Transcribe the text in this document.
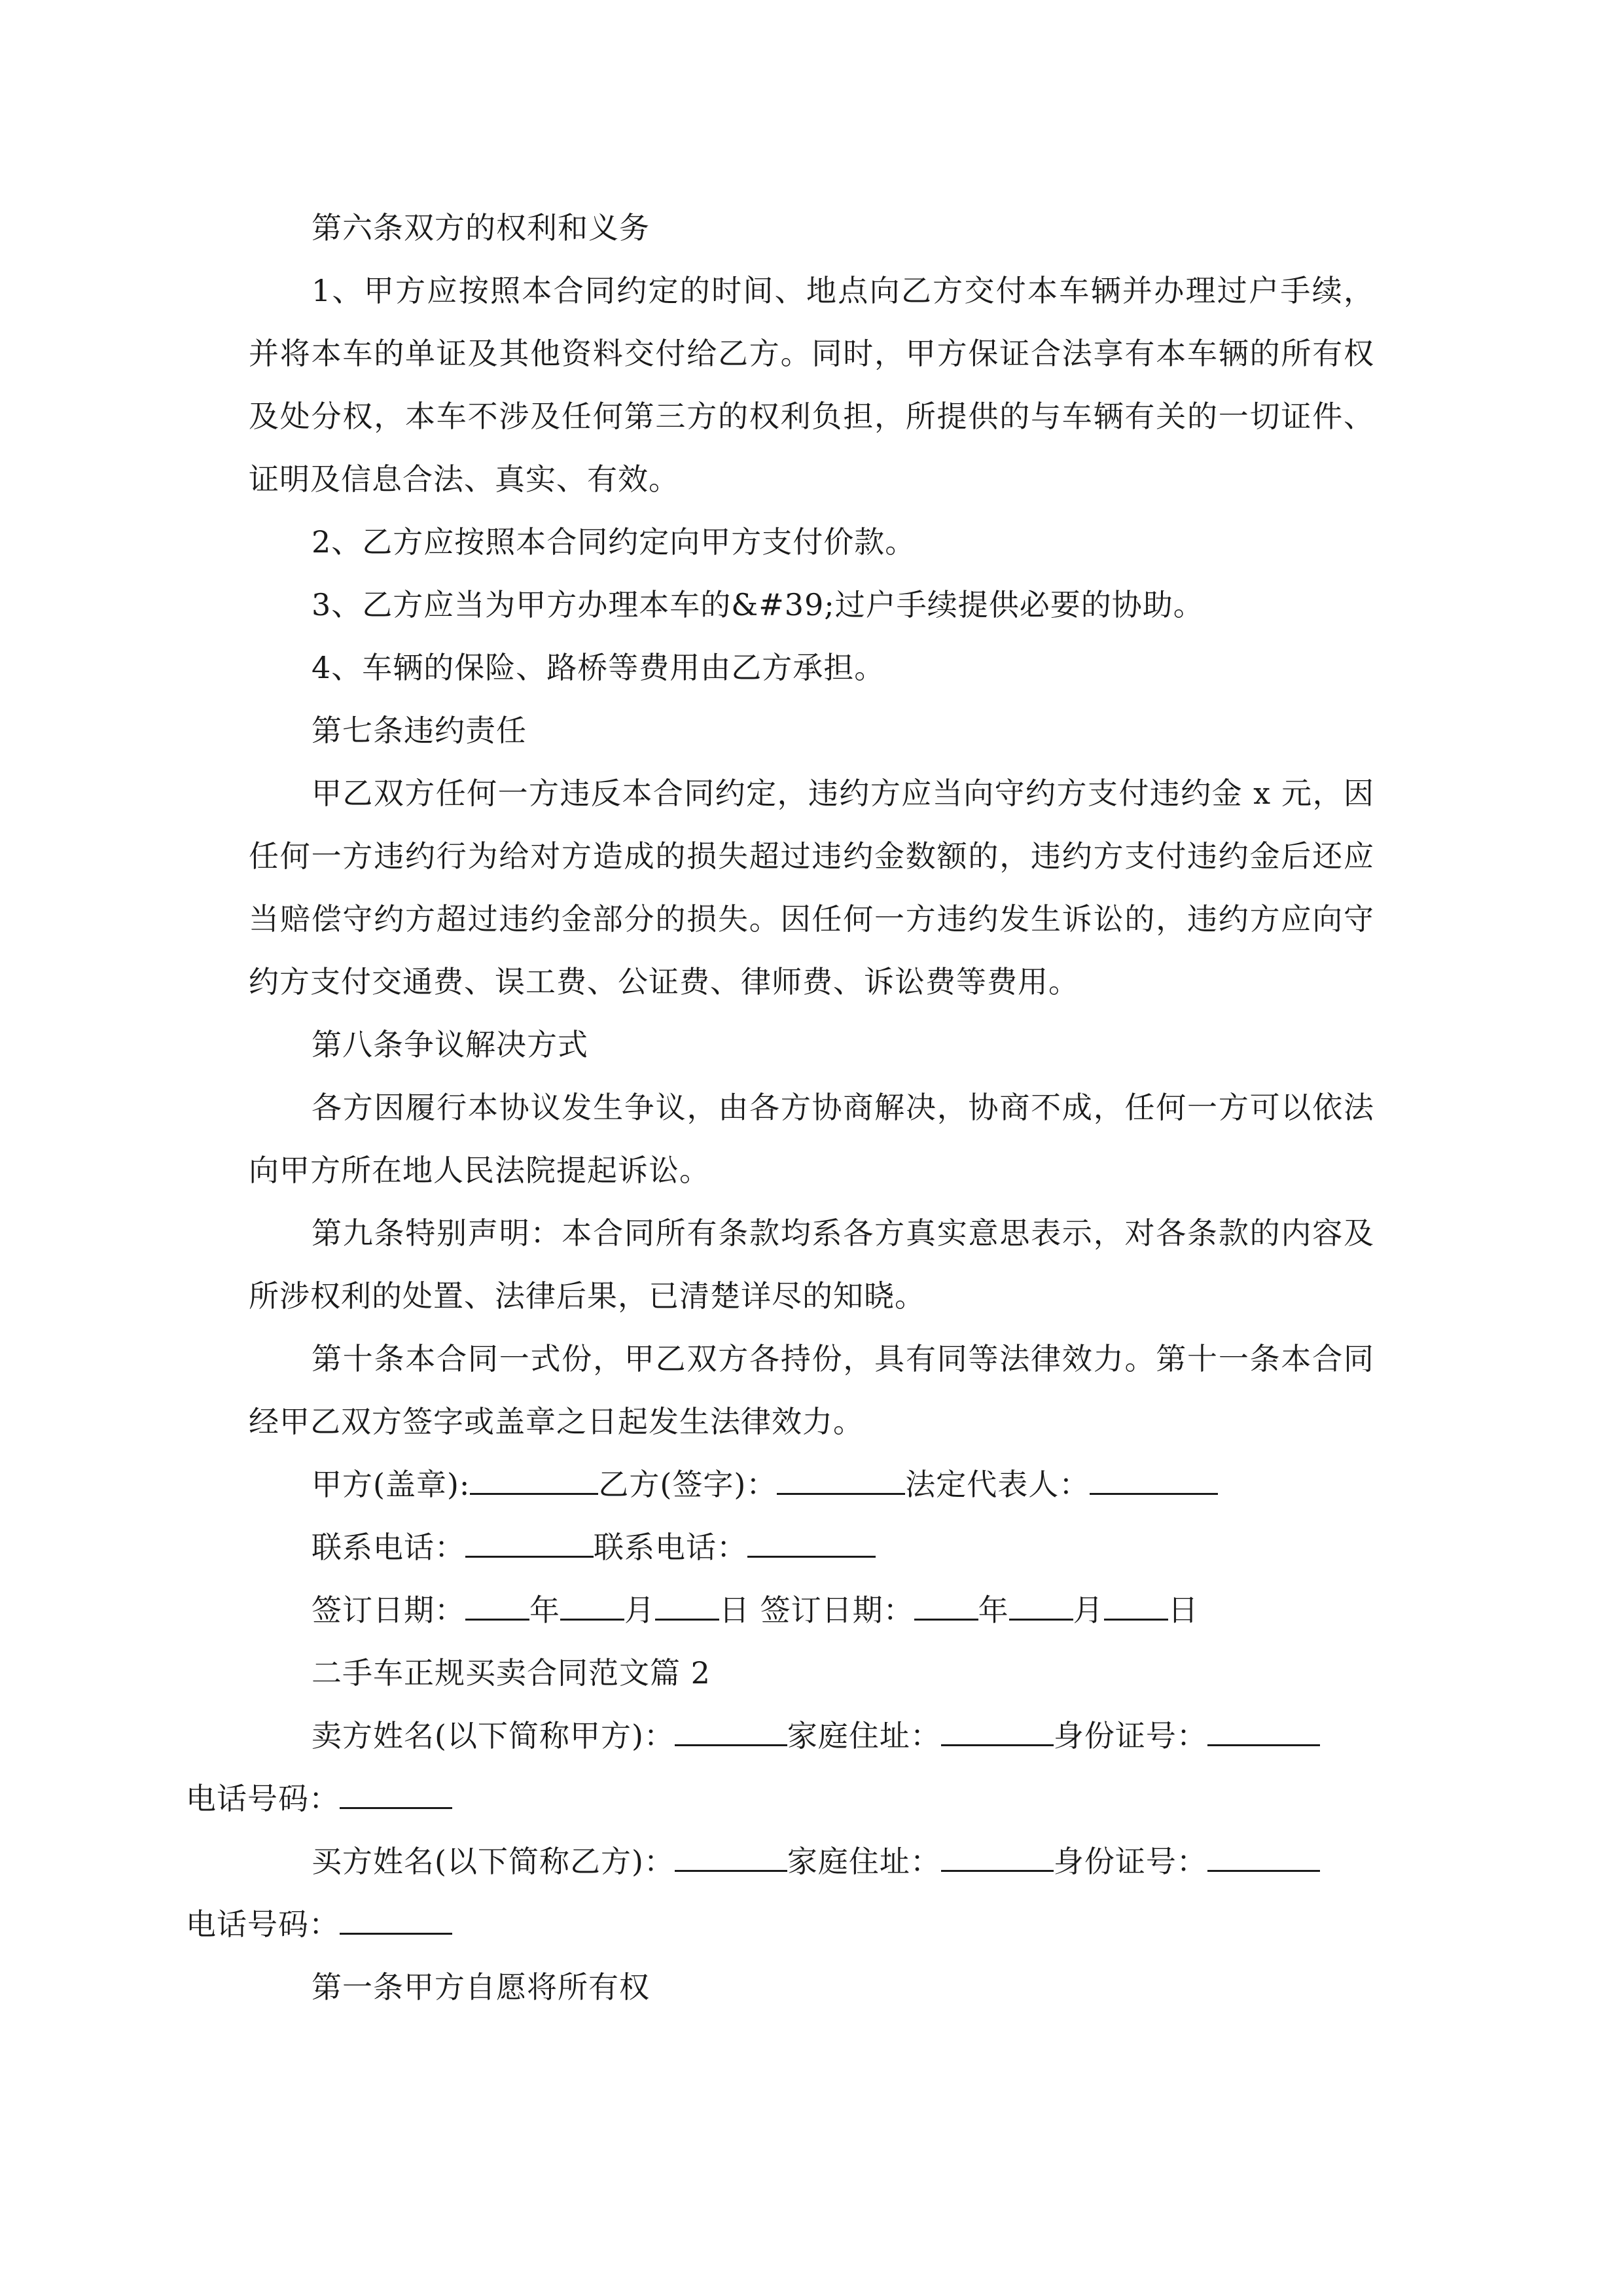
第六条双方的权利和义务

1、甲方应按照本合同约定的时间、地点向乙方交付本车辆并办理过户手续，并将本车的单证及其他资料交付给乙方。同时，甲方保证合法享有本车辆的所有权及处分权，本车不涉及任何第三方的权利负担，所提供的与车辆有关的一切证件、证明及信息合法、真实、有效。

2、乙方应按照本合同约定向甲方支付价款。

3、乙方应当为甲方办理本车的&#39;过户手续提供必要的协助。

4、车辆的保险、路桥等费用由乙方承担。

第七条违约责任

甲乙双方任何一方违反本合同约定，违约方应当向守约方支付违约金 x 元，因任何一方违约行为给对方造成的损失超过违约金数额的，违约方支付违约金后还应当赔偿守约方超过违约金部分的损失。因任何一方违约发生诉讼的，违约方应向守约方支付交通费、误工费、公证费、律师费、诉讼费等费用。

第八条争议解决方式

各方因履行本协议发生争议，由各方协商解决，协商不成，任何一方可以依法向甲方所在地人民法院提起诉讼。

第九条特别声明：本合同所有条款均系各方真实意思表示，对各条款的内容及所涉权利的处置、法律后果，已清楚详尽的知晓。

第十条本合同一式份，甲乙双方各持份，具有同等法律效力。第十一条本合同经甲乙双方签字或盖章之日起发生法律效力。

甲方(盖章):	乙方(签字)：	法定代表人：

联系电话：	联系电话：

签订日期： 年 月 日 签订日期： 年 月 日

二手车正规买卖合同范文篇 2

卖方姓名(以下简称甲方)：	家庭住址：	身份证号：
电话号码：

买方姓名(以下简称乙方)：	家庭住址：	身份证号：
电话号码：

第一条甲方自愿将所有权
